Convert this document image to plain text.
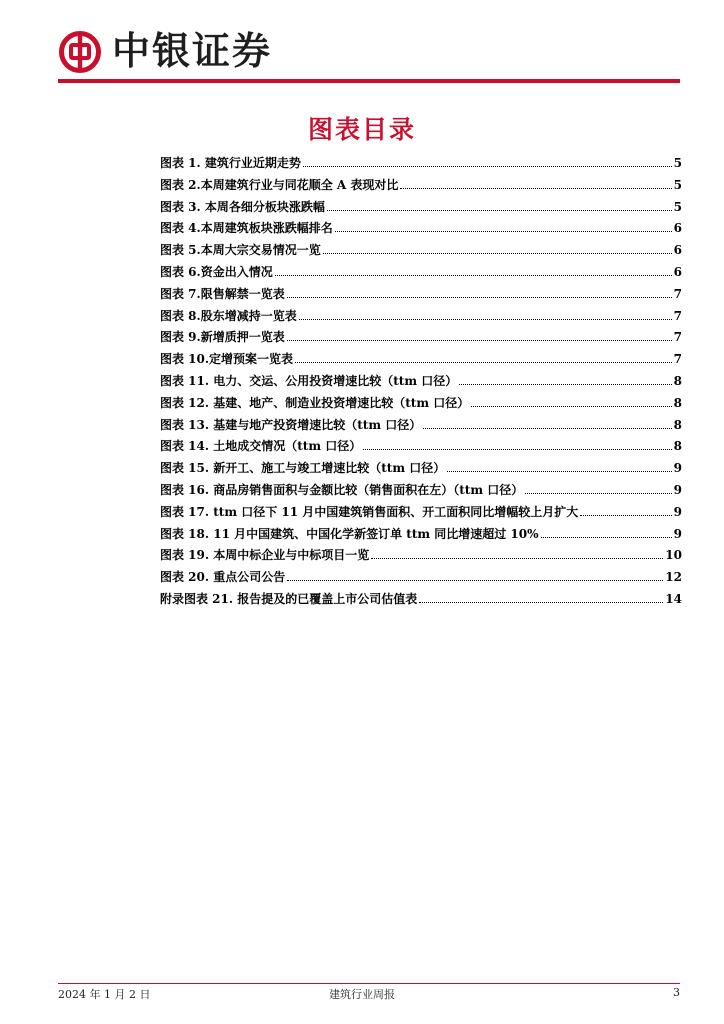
中银证券
图表目录
图表 1. 建筑行业近期走势	5
图表 2.本周建筑行业与同花顺全 A 表现对比	5
图表 3. 本周各细分板块涨跌幅	5
图表 4.本周建筑板块涨跌幅排名	6
图表 5.本周大宗交易情况一览	6
图表 6.资金出入情况	6
图表 7.限售解禁一览表	7
图表 8.股东增减持一览表	7
图表 9.新增质押一览表	7
图表 10.定增预案一览表	7
图表 11. 电力、交运、公用投资增速比较（ttm 口径）	8
图表 12. 基建、地产、制造业投资增速比较（ttm 口径）	8
图表 13. 基建与地产投资增速比较（ttm 口径）	8
图表 14. 土地成交情况（ttm 口径）	8
图表 15. 新开工、施工与竣工增速比较（ttm 口径）	9
图表 16. 商品房销售面积与金额比较（销售面积在左）（ttm 口径）	9
图表 17. ttm 口径下 11 月中国建筑销售面积、开工面积同比增幅较上月扩大	9
图表 18. 11 月中国建筑、中国化学新签订单 ttm 同比增速超过 10%	9
图表 19. 本周中标企业与中标项目一览	10
图表 20. 重点公司公告	12
附录图表 21. 报告提及的已覆盖上市公司估值表	14
2024 年 1 月 2 日	建筑行业周报	3
